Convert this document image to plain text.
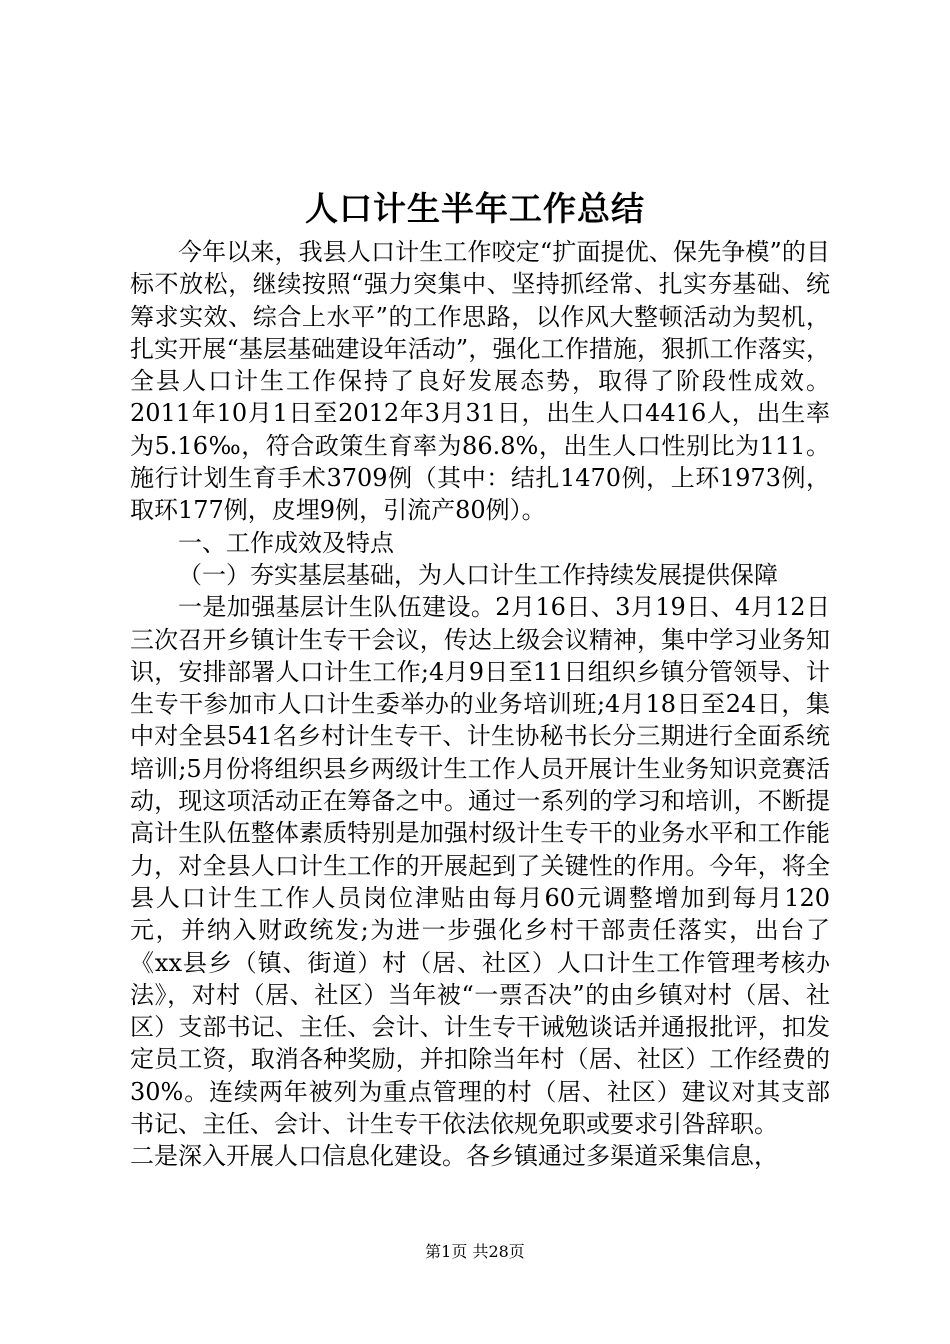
人口计生半年工作总结

今年以来，我县人口计生工作咬定“扩面提优、保先争模”的目标不放松，继续按照“强力突集中、坚持抓经常、扎实夯基础、统筹求实效、综合上水平”的工作思路，以作风大整顿活动为契机，扎实开展“基层基础建设年活动”，强化工作措施，狠抓工作落实，全县人口计生工作保持了良好发展态势，取得了阶段性成效。2011年10月1日至2012年3月31日，出生人口4416人，出生率为5.16‰，符合政策生育率为86.8%，出生人口性别比为111。施行计划生育手术3709例（其中：结扎1470例，上环1973例，取环177例，皮埋9例，引流产80例）。

一、工作成效及特点

（一）夯实基层基础，为人口计生工作持续发展提供保障

一是加强基层计生队伍建设。2月16日、3月19日、4月12日三次召开乡镇计生专干会议，传达上级会议精神，集中学习业务知识，安排部署人口计生工作;4月9日至11日组织乡镇分管领导、计生专干参加市人口计生委举办的业务培训班;4月18日至24日，集中对全县541名乡村计生专干、计生协秘书长分三期进行全面系统培训;5月份将组织县乡两级计生工作人员开展计生业务知识竞赛活动，现这项活动正在筹备之中。通过一系列的学习和培训，不断提高计生队伍整体素质特别是加强村级计生专干的业务水平和工作能力，对全县人口计生工作的开展起到了关键性的作用。今年，将全县人口计生工作人员岗位津贴由每月60元调整增加到每月120元，并纳入财政统发;为进一步强化乡村干部责任落实，出台了《xx县乡（镇、街道）村（居、社区）人口计生工作管理考核办法》，对村（居、社区）当年被“一票否决”的由乡镇对村（居、社区）支部书记、主任、会计、计生专干诫勉谈话并通报批评，扣发定员工资，取消各种奖励，并扣除当年村（居、社区）工作经费的30%。连续两年被列为重点管理的村（居、社区）建议对其支部书记、主任、会计、计生专干依法依规免职或要求引咎辞职。

二是深入开展人口信息化建设。各乡镇通过多渠道采集信息，

第1页 共28页
